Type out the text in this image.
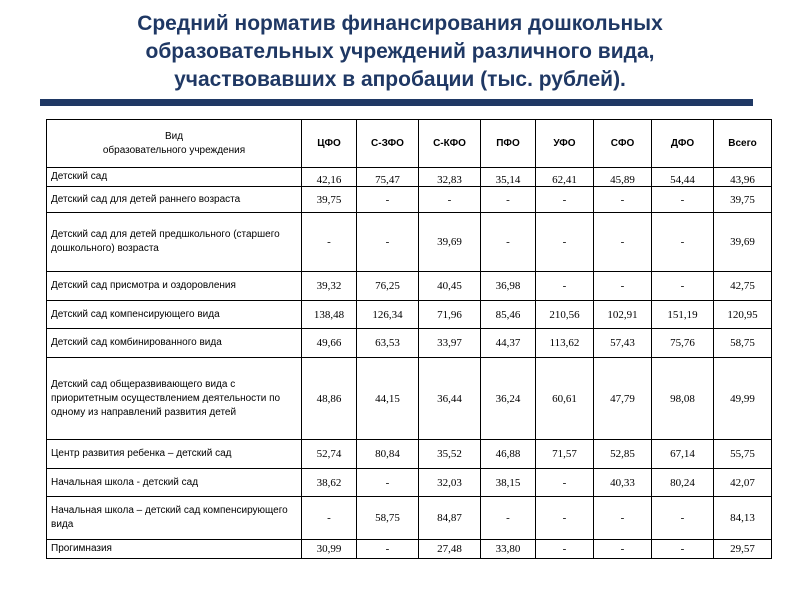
Средний норматив финансирования дошкольных
образовательных учреждений различного вида,
участвовавших в апробации (тыс. рублей).
Вид
образовательного учреждения	ЦФО	С-ЗФО	С-КФО	ПФО	УФО	СФО	ДФО	Всего
Детский сад	42,16	75,47	32,83	35,14	62,41	45,89	54,44	43,96
Детский сад для детей раннего возраста	39,75	-	-	-	-	-	-	39,75
Детский сад для детей предшкольного (старшего дошкольного) возраста	-	-	39,69	-	-	-	-	39,69
Детский сад присмотра и оздоровления	39,32	76,25	40,45	36,98	-	-	-	42,75
Детский сад компенсирующего вида	138,48	126,34	71,96	85,46	210,56	102,91	151,19	120,95
Детский сад комбинированного вида	49,66	63,53	33,97	44,37	113,62	57,43	75,76	58,75
Детский сад общеразвивающего вида с приоритетным осуществлением деятельности по одному из направлений развития детей	48,86	44,15	36,44	36,24	60,61	47,79	98,08	49,99
Центр развития ребенка – детский сад	52,74	80,84	35,52	46,88	71,57	52,85	67,14	55,75
Начальная школа - детский сад	38,62	-	32,03	38,15	-	40,33	80,24	42,07
Начальная школа – детский сад компенсирующего вида	-	58,75	84,87	-	-	-	-	84,13
Прогимназия	30,99	-	27,48	33,80	-	-	-	29,57
